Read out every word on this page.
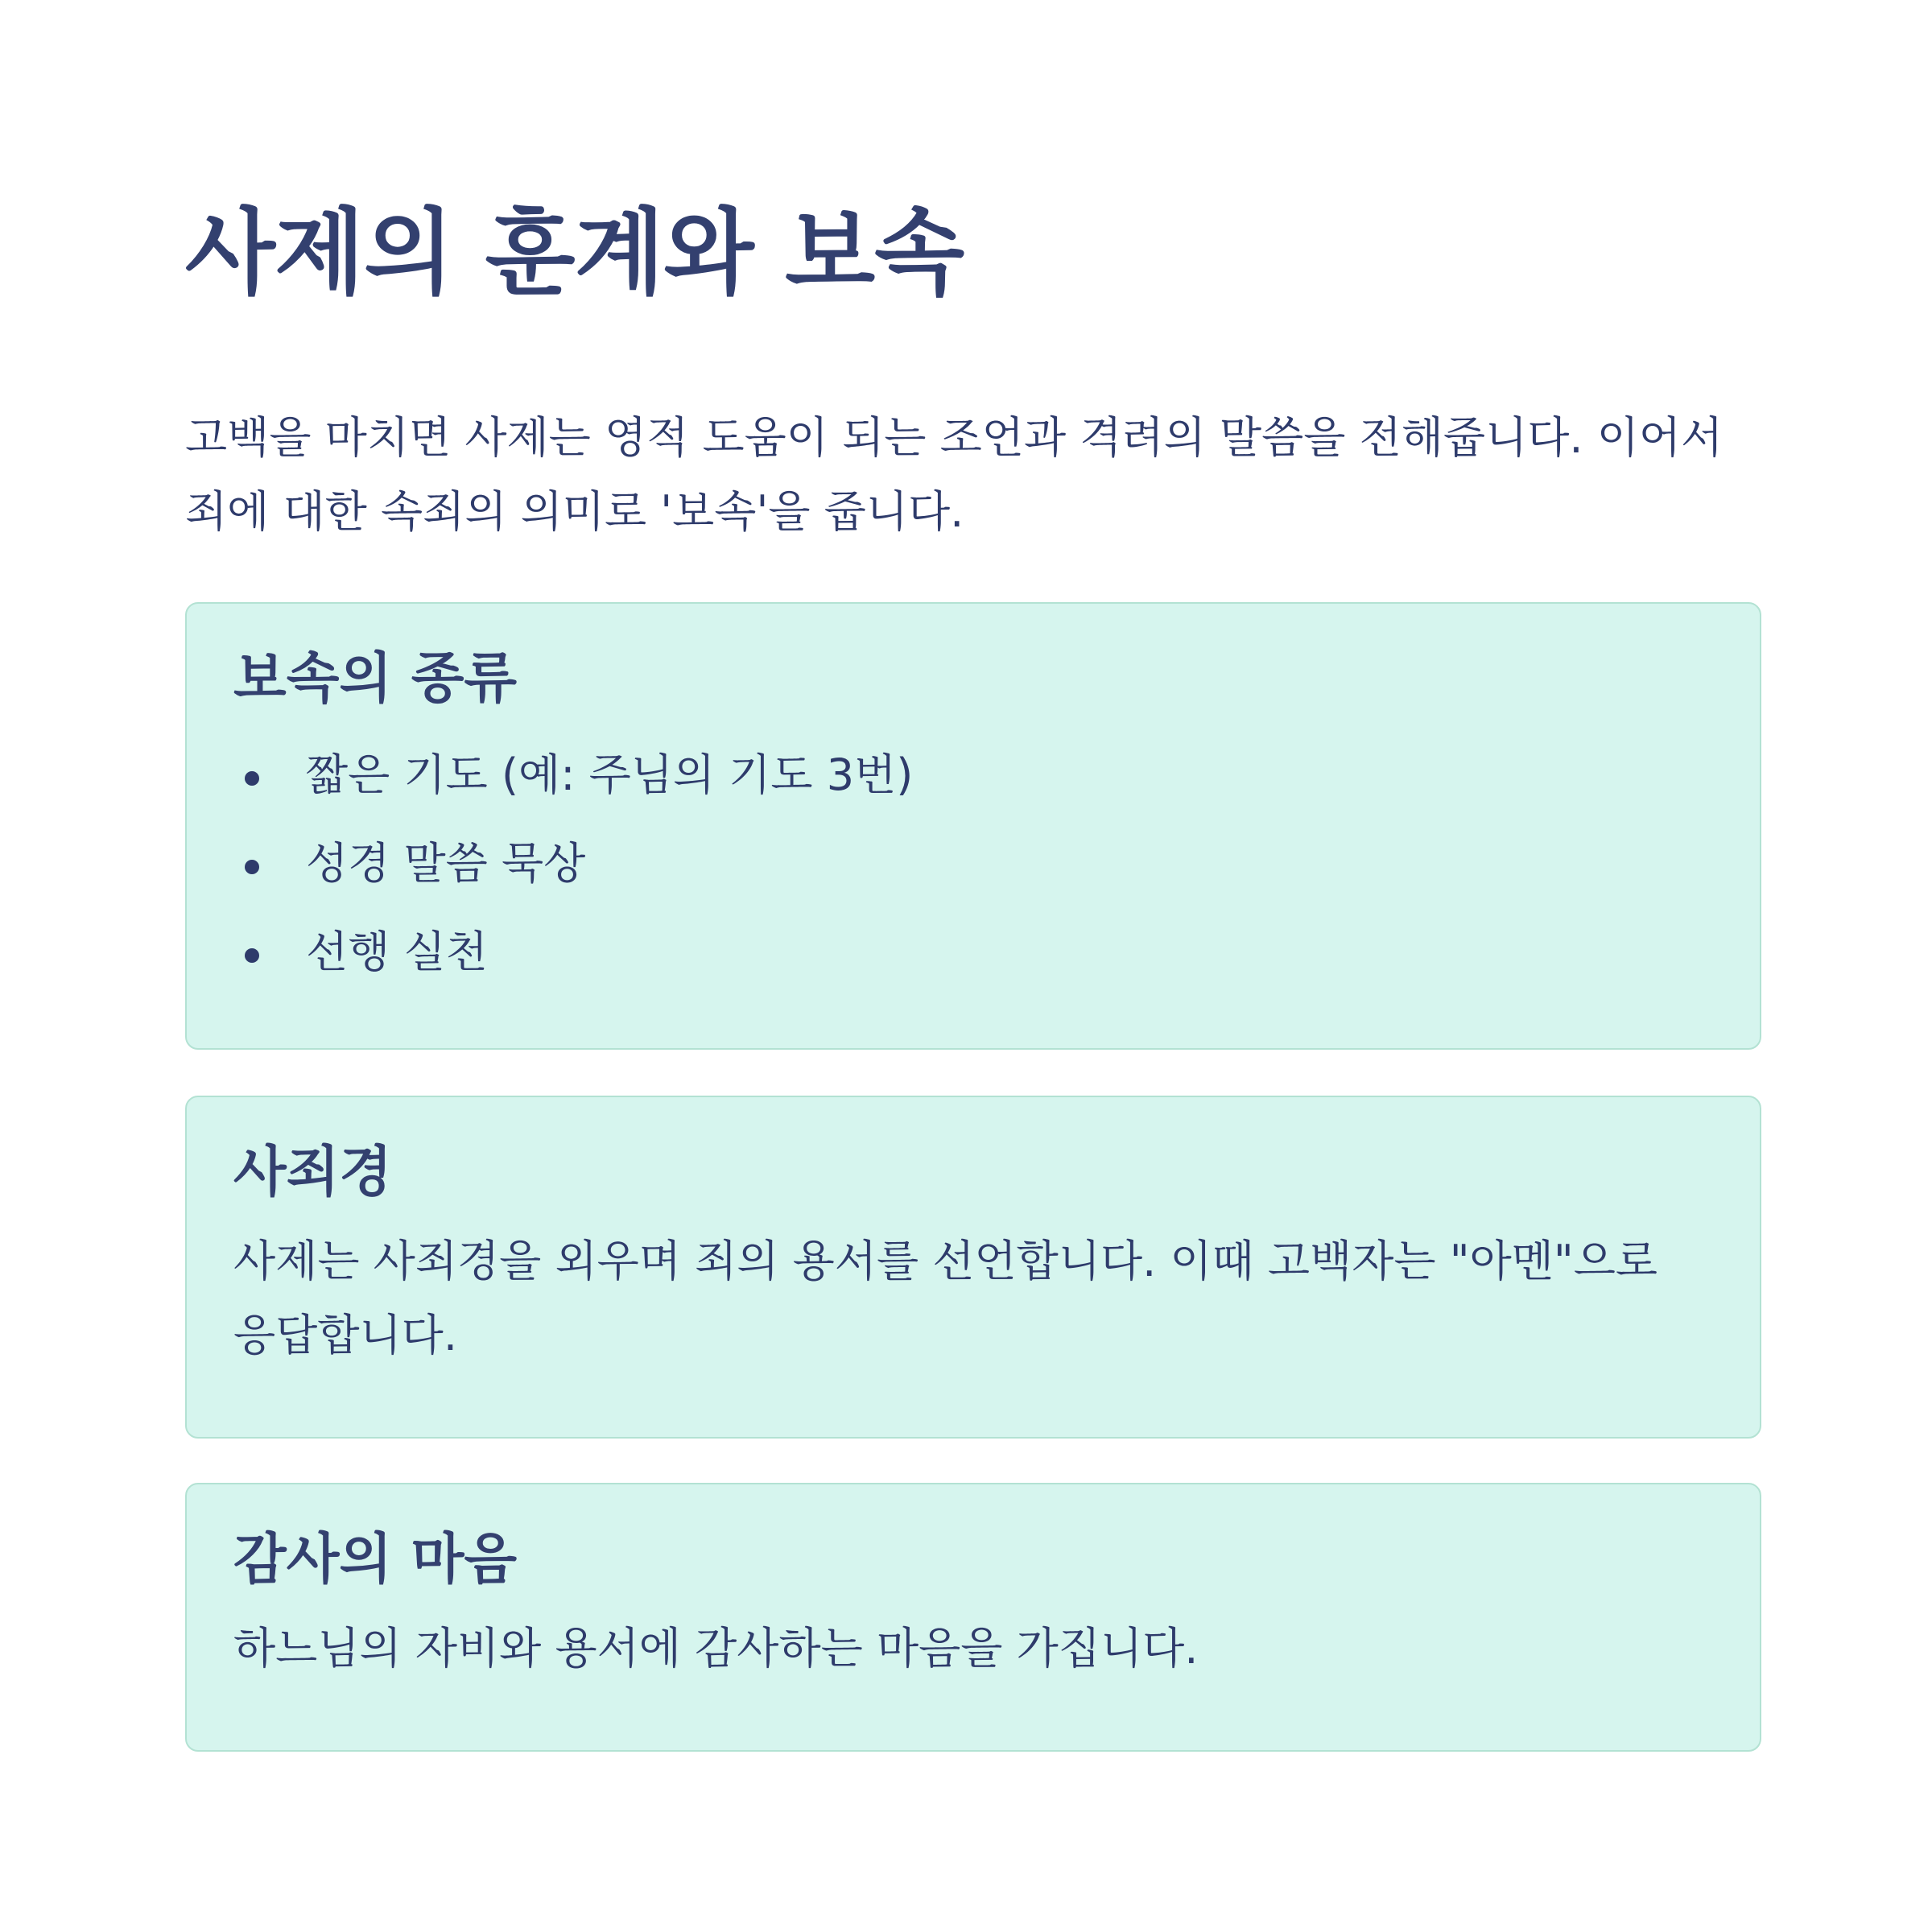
사제의 훈계와 보속

고백을 마치면 사제는 영적 도움이 되는 조언과 격려의 말씀을 전해줍니다. 이어서 죄에 대한 속죄의 의미로 '보속'을 줍니다.

보속의 종류
짧은 기도 (예: 주님의 기도 3번)
성경 말씀 묵상
선행 실천
사죄경

사제는 사죄경을 외우며 죄의 용서를 선언합니다. 이때 고백자는 "아멘"으로 응답합니다.

감사의 마음

하느님의 자비와 용서에 감사하는 마음을 가집니다.
